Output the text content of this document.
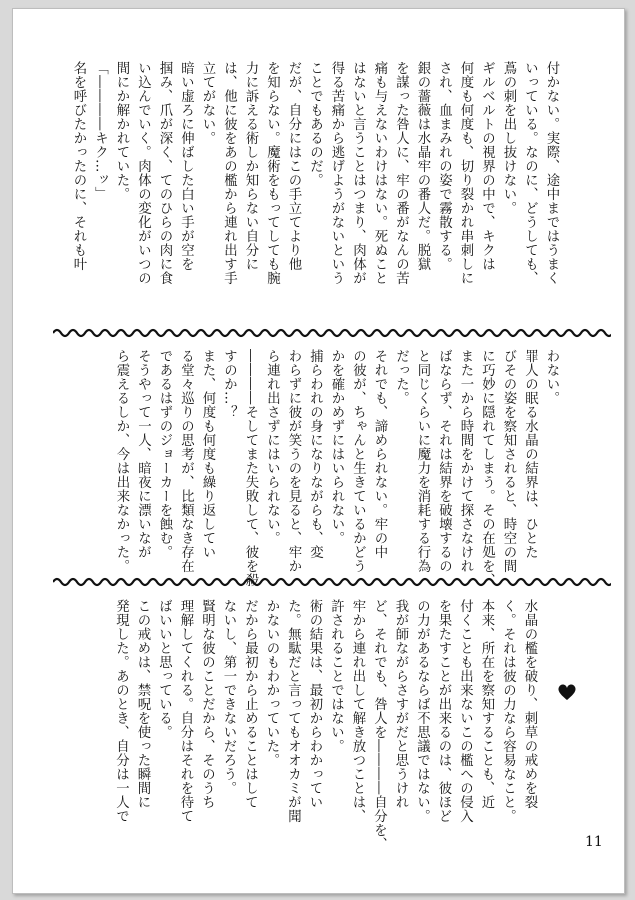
付かない。実際、途中まではうまく
いっている。なのに、どうしても、
蔦の刺を出し抜けない。
ギルベルトの視界の中で、キクは
何度も何度も、切り裂かれ串刺しに
され、血まみれの姿で霧散する。
銀の薔薇は水晶牢の番人だ。脱獄
を謀った咎人に、牢の番がなんの苦
痛も与えないわけはない。死ぬこと
はないと言うことはつまり、肉体が
得る苦痛から逃げようがないという
ことでもあるのだ。
だが、自分にはこの手立てより他
を知らない。魔術をもってしても腕
力に訴える術しか知らない自分に
は、他に彼をあの檻から連れ出す手
立てがない。
暗い虚ろに伸ばした白い手が空を
掴み、爪が深く、てのひらの肉に食
い込んでいく。肉体の変化がいつの
間にか解かれていた。
「――――キク…ッ」
名を呼びたかったのに、それも叶
わない。
罪人の眠る水晶の結界は、ひとた
びその姿を察知されると、時空の間
に巧妙に隠れてしまう。その在処を、
また一から時間をかけて探さなけれ
ばならず、それは結界を破壊するの
と同じくらいに魔力を消耗する行為
だった。
それでも、諦められない。牢の中
の彼が、ちゃんと生きているかどう
かを確かめずにはいられない。
捕らわれの身になりながらも、変
わらずに彼が笑うのを見ると、牢か
ら連れ出さずにはいられない。
――――そしてまた失敗して、彼を殺
すのか…？
また、何度も何度も繰り返してい
る堂々巡りの思考が、比類なき存在
であるはずのジョーカーを蝕む。
そうやって一人、暗夜に漂いなが
ら震えるしか、今は出来なかった。
水晶の檻を破り、刺草の戒めを裂
く。それは彼の力なら容易なこと。
本来、所在を察知することも、近
付くことも出来ないこの檻への侵入
を果たすことが出来るのは、彼ほど
の力があるならば不思議ではない。
我が師ながらさすがだと思うけれ
ど、それでも、咎人を――――自分を、
牢から連れ出して解き放つことは、
許されることではない。
術の結果は、最初からわかってい
た。無駄だと言ってもオオカミが聞
かないのもわかっていた。
だから最初から止めることはして
ないし、第一できないだろう。
賢明な彼のことだから、そのうち
理解してくれる。自分はそれを待て
ばいいと思っている。
この戒めは、禁呪を使った瞬間に
発現した。あのとき、自分は一人で
11
